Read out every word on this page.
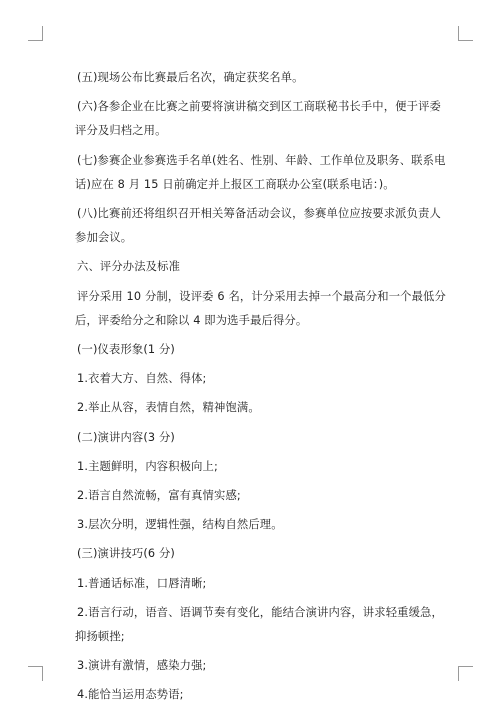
(五)现场公布比赛最后名次，确定获奖名单。

(六)各参企业在比赛之前要将演讲稿交到区工商联秘书长手中，便于评委评分及归档之用。

(七)参赛企业参赛选手名单(姓名、性别、年龄、工作单位及职务、联系电话)应在 8 月 15 日前确定并上报区工商联办公室(联系电话：)。

(八)比赛前还将组织召开相关筹备活动会议，参赛单位应按要求派负责人参加会议。

六、评分办法及标准

评分采用 10 分制，设评委 6 名，计分采用去掉一个最高分和一个最低分后，评委给分之和除以 4 即为选手最后得分。

(一)仪表形象(1 分)

1.衣着大方、自然、得体;

2.举止从容，表情自然，精神饱满。

(二)演讲内容(3 分)

1.主题鲜明，内容积极向上;

2.语言自然流畅，富有真情实感;

3.层次分明，逻辑性强，结构自然后理。

(三)演讲技巧(6 分)

1.普通话标准，口唇清晰;

2.语言行动，语音、语调节奏有变化，能结合演讲内容，讲求轻重缓急，抑扬顿挫;

3.演讲有激情，感染力强;

4.能恰当运用态势语;
